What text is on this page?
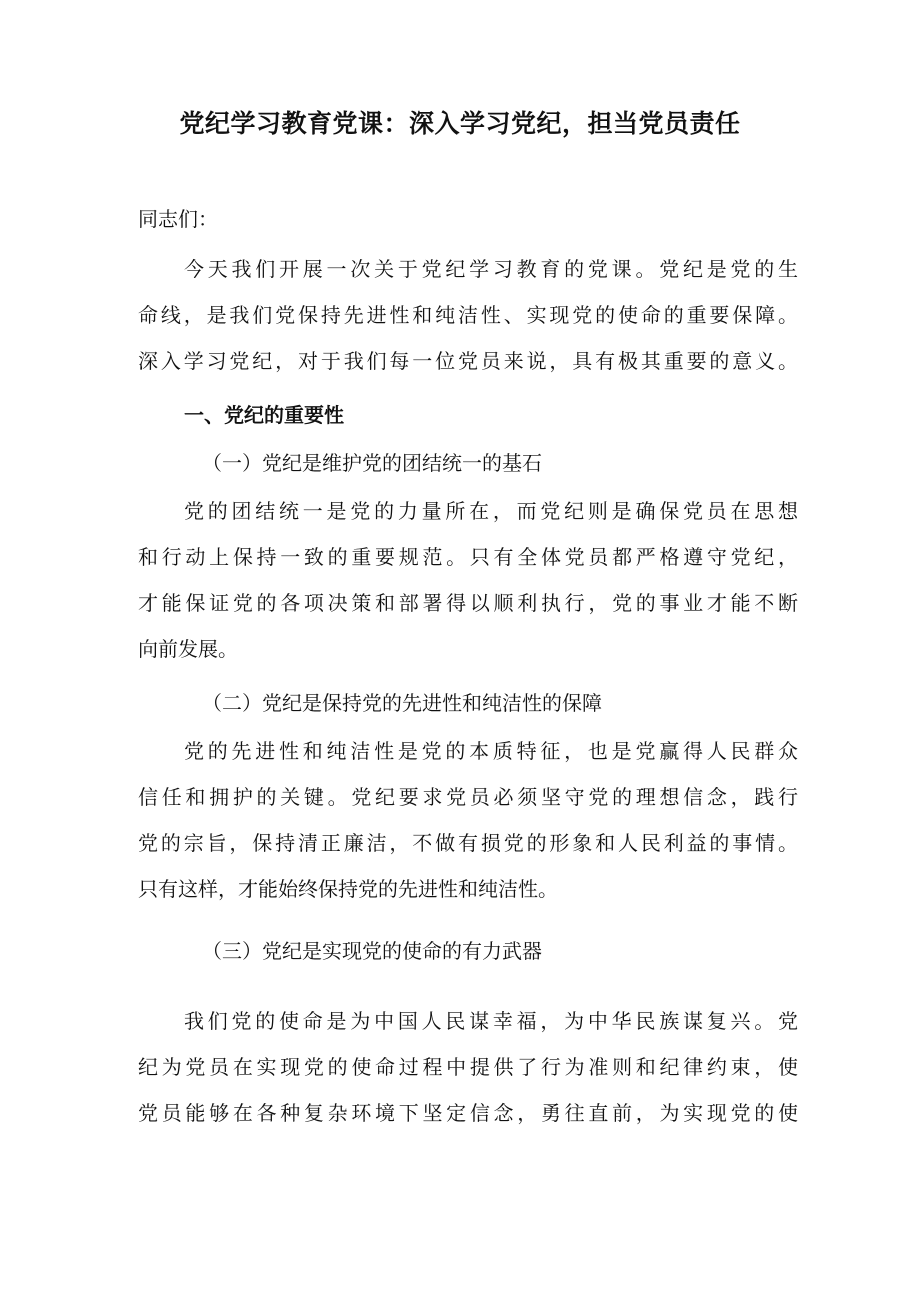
党纪学习教育党课：深入学习党纪，担当党员责任

同志们：

今天我们开展一次关于党纪学习教育的党课。党纪是党的生
命线，是我们党保持先进性和纯洁性、实现党的使命的重要保障。
深入学习党纪，对于我们每一位党员来说，具有极其重要的意义。

一、党纪的重要性

（一）党纪是维护党的团结统一的基石

党的团结统一是党的力量所在，而党纪则是确保党员在思想
和行动上保持一致的重要规范。只有全体党员都严格遵守党纪，
才能保证党的各项决策和部署得以顺利执行，党的事业才能不断
向前发展。

（二）党纪是保持党的先进性和纯洁性的保障

党的先进性和纯洁性是党的本质特征，也是党赢得人民群众
信任和拥护的关键。党纪要求党员必须坚守党的理想信念，践行
党的宗旨，保持清正廉洁，不做有损党的形象和人民利益的事情。
只有这样，才能始终保持党的先进性和纯洁性。

（三）党纪是实现党的使命的有力武器

我们党的使命是为中国人民谋幸福，为中华民族谋复兴。党
纪为党员在实现党的使命过程中提供了行为准则和纪律约束，使
党员能够在各种复杂环境下坚定信念，勇往直前，为实现党的使
